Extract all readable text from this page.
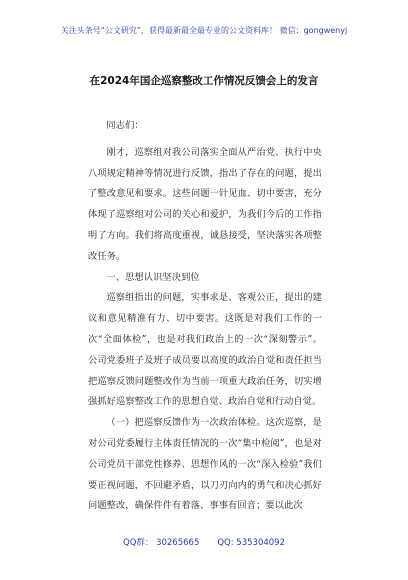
关注头条号“公文研究”，获得最新最全最专业的公文资料库！ 微信：gongwenyj
在2024年国企巡察整改工作情况反馈会上的发言

同志们：

刚才，巡察组对我公司落实全面从严治党、执行中央八项规定精神等情况进行反馈，指出了存在的问题，提出了整改意见和要求。这些问题一针见血、切中要害，充分体现了巡察组对公司的关心和爱护，为我们今后的工作指明了方向。我们将高度重视，诚恳接受，坚决落实各项整改任务。

一、思想认识坚决到位

巡察组指出的问题，实事求是、客观公正，提出的建议和意见精准有力、切中要害。这既是对我们工作的一次“全面体检”，也是对我们政治上的一次“深刻警示”。公司党委班子及班子成员要以高度的政治自觉和责任担当把巡察反馈问题整改作为当前一项重大政治任务，切实增强抓好巡察整改工作的思想自觉、政治自觉和行动自觉。

（一）把巡察反馈作为一次政治体检。这次巡察，是对公司党委履行主体责任情况的一次“集中检阅”，也是对公司党员干部党性修养、思想作风的一次“深入检验”我们要正视问题，不回避矛盾，以刀刃向内的勇气和决心抓好问题整改，确保件件有着落、事事有回音；要以此次

QQ群： 30265665 QQ: 535304092
